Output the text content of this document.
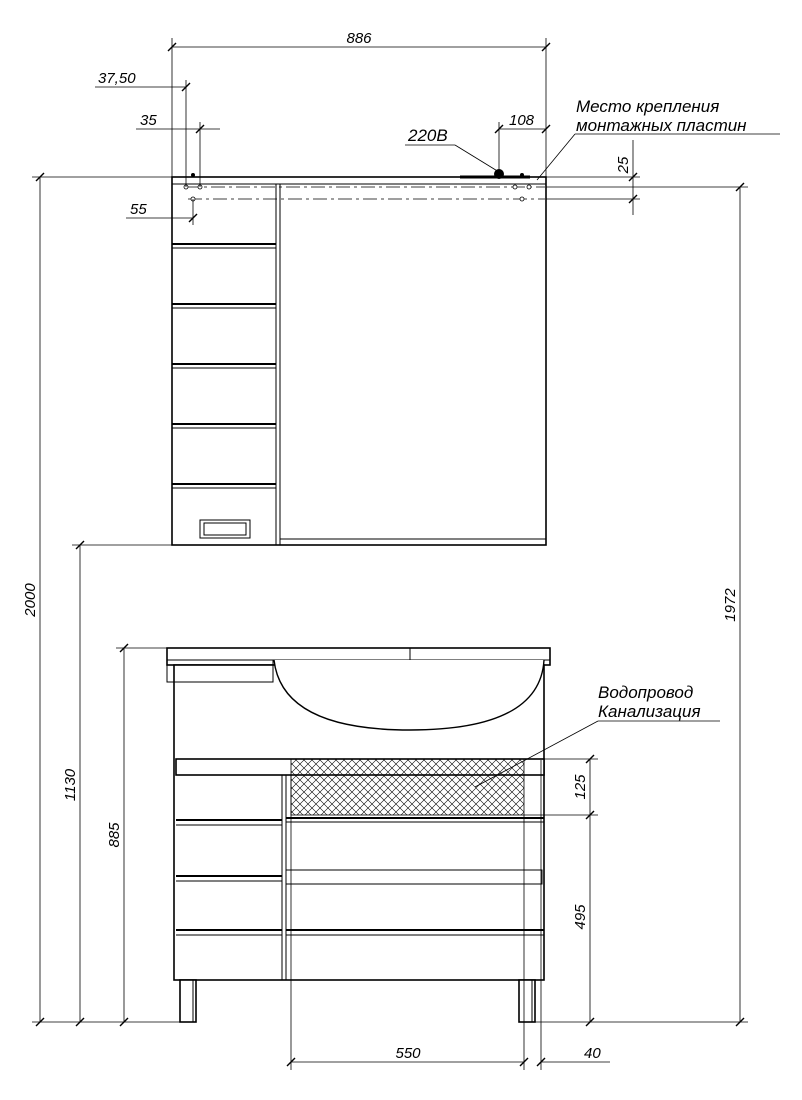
886
37,50
35
55
220В
108
25
Место крепления
монтажных пластин
2000
1130
885
1972
Водопровод
Канализация
125
495
550	40
